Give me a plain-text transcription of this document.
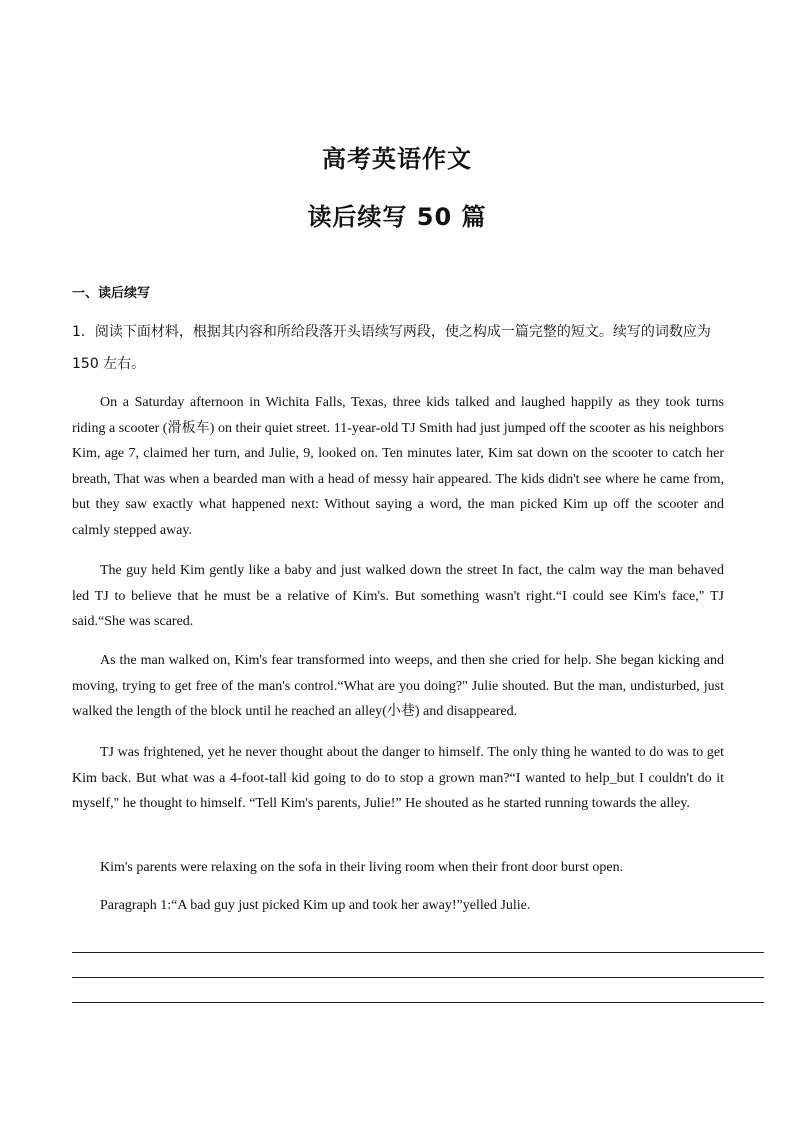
高考英语作文
读后续写 50 篇
一、读后续写
1．阅读下面材料，根据其内容和所给段落开头语续写两段，使之构成一篇完整的短文。续写的词数应为 150 左右。
On a Saturday afternoon in Wichita Falls, Texas, three kids talked and laughed happily as they took turns riding a scooter (滑板车) on their quiet street. 11-year-old TJ Smith had just jumped off the scooter as his neighbors Kim, age 7, claimed her turn, and Julie, 9, looked on. Ten minutes later, Kim sat down on the scooter to catch her breath, That was when a bearded man with a head of messy hair appeared. The kids didn't see where he came from, but they saw exactly what happened next: Without saying a word, the man picked Kim up off the scooter and calmly stepped away.
The guy held Kim gently like a baby and just walked down the street In fact, the calm way the man behaved led TJ to believe that he must be a relative of Kim's. But something wasn't right.“I could see Kim's face," TJ said.“She was scared.
As the man walked on, Kim's fear transformed into weeps, and then she cried for help. She began kicking and moving, trying to get free of the man's control.“What are you doing?" Julie shouted. But the man, undisturbed, just walked the length of the block until he reached an alley(小巷) and disappeared.
TJ was frightened, yet he never thought about the danger to himself. The only thing he wanted to do was to get Kim back. But what was a 4-foot-tall kid going to do to stop a grown man?“I wanted to help_but I couldn't do it myself," he thought to himself. “Tell Kim's parents, Julie!” He shouted as he started running towards the alley.
Kim's parents were relaxing on the sofa in their living room when their front door burst open.
Paragraph 1:“A bad guy just picked Kim up and took her away!”yelled Julie.
